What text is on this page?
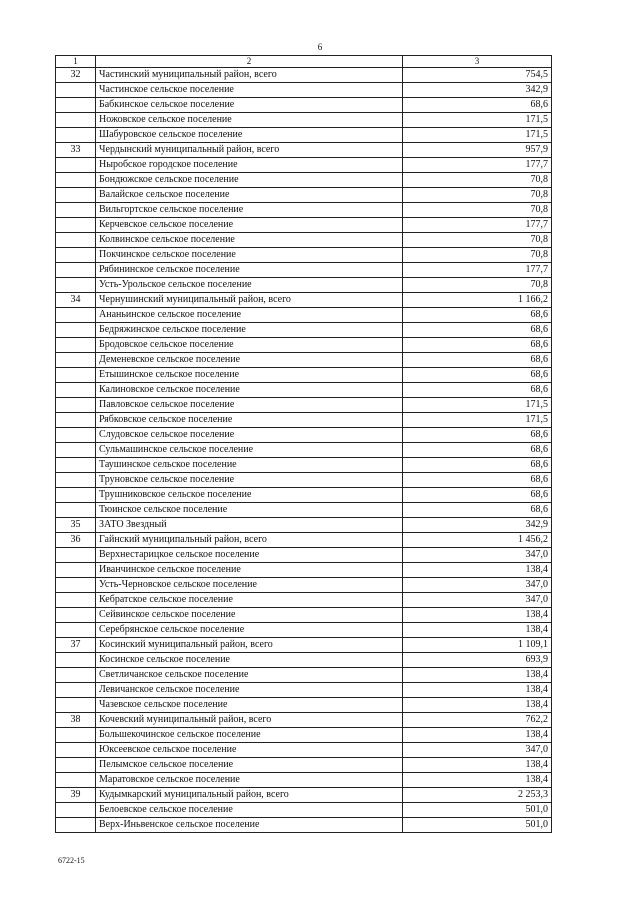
6
1	2	3
32	Частинский муниципальный район, всего	754,5
	Частинское сельское поселение	342,9
	Бабкинское сельское поселение	68,6
	Ножовское сельское поселение	171,5
	Шабуровское сельское поселение	171,5
33	Чердынский муниципальный район, всего	957,9
	Ныробское городское поселение	177,7
	Бондюжское сельское поселение	70,8
	Валайское сельское поселение	70,8
	Вильгортское сельское поселение	70,8
	Керчевское сельское поселение	177,7
	Колвинское сельское поселение	70,8
	Покчинское сельское поселение	70,8
	Рябининское сельское поселение	177,7
	Усть-Урольское сельское поселение	70,8
34	Чернушинский муниципальный район, всего	1 166,2
	Ананьинское сельское поселение	68,6
	Бедряжинское сельское поселение	68,6
	Бродовское сельское поселение	68,6
	Деменевское сельское поселение	68,6
	Етышинское сельское поселение	68,6
	Калиновское сельское поселение	68,6
	Павловское сельское поселение	171,5
	Рябковское сельское поселение	171,5
	Слудовское сельское поселение	68,6
	Сульмашинское сельское поселение	68,6
	Таушинское сельское поселение	68,6
	Труновское сельское поселение	68,6
	Трушниковское сельское поселение	68,6
	Тюинское сельское поселение	68,6
35	ЗАТО Звездный	342,9
36	Гайнский муниципальный район, всего	1 456,2
	Верхнестарицкое сельское поселение	347,0
	Иванчинское сельское поселение	138,4
	Усть-Черновское сельское поселение	347,0
	Кебратское сельское поселение	347,0
	Сейвинское сельское поселение	138,4
	Серебрянское сельское поселение	138,4
37	Косинский муниципальный район, всего	1 109,1
	Косинское сельское поселение	693,9
	Светличанское сельское поселение	138,4
	Левичанское сельское поселение	138,4
	Чазевское сельское поселение	138,4
38	Кочевский муниципальный район, всего	762,2
	Большекочинское сельское поселение	138,4
	Юксеевское сельское поселение	347,0
	Пелымское сельское поселение	138,4
	Маратовское сельское поселение	138,4
39	Кудымкарский муниципальный район, всего	2 253,3
	Белоевское сельское поселение	501,0
	Верх-Иньвенское сельское поселение	501,0
6722-15
